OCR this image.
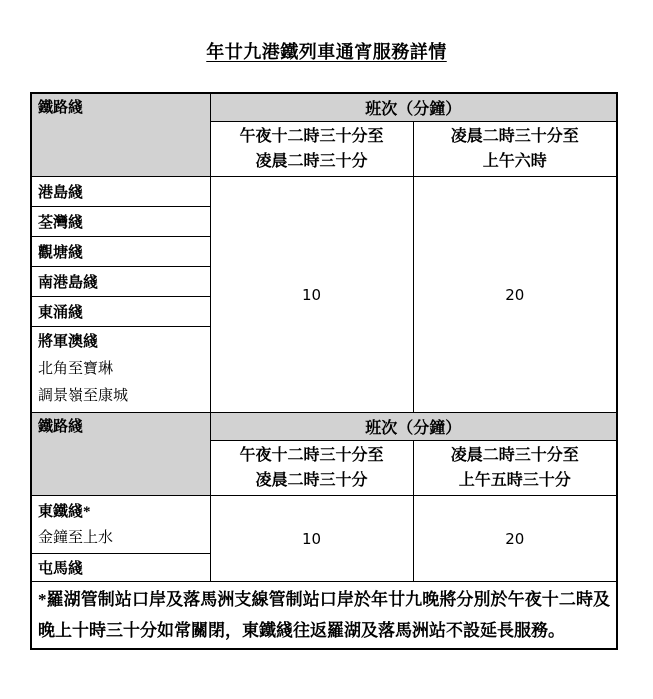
年廿九港鐵列車通宵服務詳情
鐵路綫	班次（分鐘）	

	午夜十二時三十分至
凌晨二時三十分	凌晨二時三十分至
上午六時

港島綫	10	20
荃灣綫		
觀塘綫		
南港島綫		
東涌綫		

將軍澳綫
北角至寶琳
調景嶺至康城		

鐵路綫	班次（分鐘）	

	午夜十二時三十分至
凌晨二時三十分	凌晨二時三十分至
上午五時三十分

東鐵綫*
金鐘至上水	10	20
屯馬綫		
*羅湖管制站口岸及落馬洲支線管制站口岸於年廿九晚將分別於午夜十二時及晚上十時三十分如常關閉，東鐵綫往返羅湖及落馬洲站不設延長服務。		
